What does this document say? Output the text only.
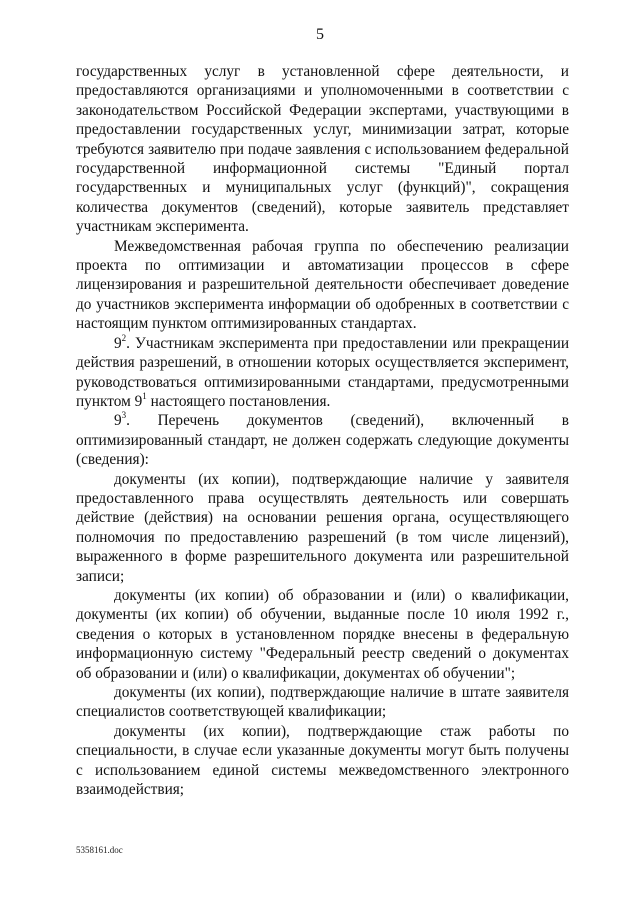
5

государственных услуг в установленной сфере деятельности, и предоставляются организациями и уполномоченными в соответствии с законодательством Российской Федерации экспертами, участвующими в предоставлении государственных услуг, минимизации затрат, которые требуются заявителю при подаче заявления с использованием федеральной государственной информационной системы "Единый портал государственных и муниципальных услуг (функций)", сокращения количества документов (сведений), которые заявитель представляет участникам эксперимента.

Межведомственная рабочая группа по обеспечению реализации проекта по оптимизации и автоматизации процессов в сфере лицензирования и разрешительной деятельности обеспечивает доведение до участников эксперимента информации об одобренных в соответствии с настоящим пунктом оптимизированных стандартах.

$9^2$. Участникам эксперимента при предоставлении или прекращении действия разрешений, в отношении которых осуществляется эксперимент, руководствоваться оптимизированными стандартами, предусмотренными пунктом $9^1$ настоящего постановления.

$9^3$. Перечень документов (сведений), включенный в оптимизированный стандарт, не должен содержать следующие документы (сведения):

документы (их копии), подтверждающие наличие у заявителя предоставленного права осуществлять деятельность или совершать действие (действия) на основании решения органа, осуществляющего полномочия по предоставлению разрешений (в том числе лицензий), выраженного в форме разрешительного документа или разрешительной записи;

документы (их копии) об образовании и (или) о квалификации, документы (их копии) об обучении, выданные после 10 июля 1992 г., сведения о которых в установленном порядке внесены в федеральную информационную систему "Федеральный реестр сведений о документах об образовании и (или) о квалификации, документах об обучении";

документы (их копии), подтверждающие наличие в штате заявителя специалистов соответствующей квалификации;

документы (их копии), подтверждающие стаж работы по специальности, в случае если указанные документы могут быть получены с использованием единой системы межведомственного электронного взаимодействия;

5358161.doc
